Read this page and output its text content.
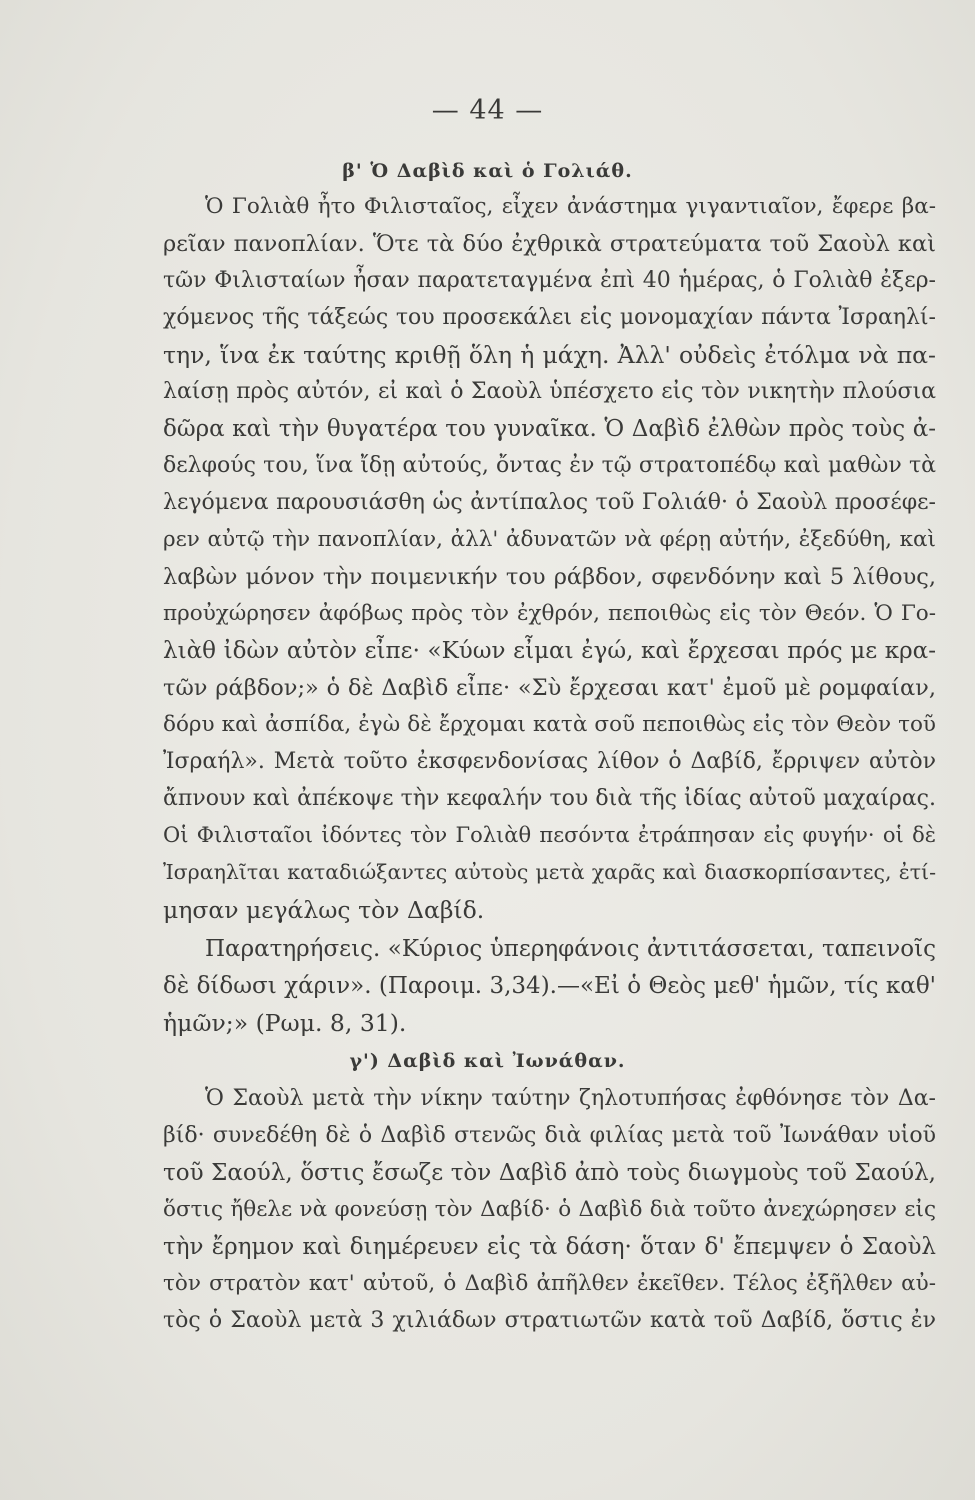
— 44 —
β' Ὁ Δαβὶδ καὶ ὁ Γολιάθ.
Ὁ Γολιὰθ ἦτο Φιλισταῖος, εἶχεν ἀνάστημα γιγαντιαῖον, ἔφερε βα-
ρεῖαν πανοπλίαν. Ὅτε τὰ δύο ἐχθρικὰ στρατεύματα τοῦ Σαοὺλ καὶ
τῶν Φιλισταίων ἦσαν παρατεταγμένα ἐπὶ 40 ἡμέρας, ὁ Γολιὰθ ἐξερ-
χόμενος τῆς τάξεώς του προσεκάλει εἰς μονομαχίαν πάντα Ἰσραηλί-
την, ἵνα ἐκ ταύτης κριθῇ ὅλη ἡ μάχη. Ἀλλ' οὐδεὶς ἐτόλμα νὰ πα-
λαίσῃ πρὸς αὐτόν, εἰ καὶ ὁ Σαοὺλ ὑπέσχετο εἰς τὸν νικητὴν πλούσια
δῶρα καὶ τὴν θυγατέρα του γυναῖκα. Ὁ Δαβὶδ ἐλθὼν πρὸς τοὺς ἀ-
δελφούς του, ἵνα ἴδῃ αὐτούς, ὄντας ἐν τῷ στρατοπέδῳ καὶ μαθὼν τὰ
λεγόμενα παρουσιάσθη ὡς ἀντίπαλος τοῦ Γολιάθ· ὁ Σαοὺλ προσέφε-
ρεν αὐτῷ τὴν πανοπλίαν, ἀλλ' ἀδυνατῶν νὰ φέρῃ αὐτήν, ἐξεδύθη, καὶ
λαβὼν μόνον τὴν ποιμενικήν του ράβδον, σφενδόνην καὶ 5 λίθους,
προὐχώρησεν ἀφόβως πρὸς τὸν ἐχθρόν, πεποιθὼς εἰς τὸν Θεόν. Ὁ Γο-
λιὰθ ἰδὼν αὐτὸν εἶπε· «Κύων εἶμαι ἐγώ, καὶ ἔρχεσαι πρός με κρα-
τῶν ράβδον;» ὁ δὲ Δαβὶδ εἶπε· «Σὺ ἔρχεσαι κατ' ἐμοῦ μὲ ρομφαίαν,
δόρυ καὶ ἀσπίδα, ἐγὼ δὲ ἔρχομαι κατὰ σοῦ πεποιθὼς εἰς τὸν Θεὸν τοῦ
Ἰσραήλ». Μετὰ τοῦτο ἐκσφενδονίσας λίθον ὁ Δαβίδ, ἔρριψεν αὐτὸν
ἄπνουν καὶ ἀπέκοψε τὴν κεφαλήν του διὰ τῆς ἰδίας αὐτοῦ μαχαίρας.
Οἱ Φιλισταῖοι ἰδόντες τὸν Γολιὰθ πεσόντα ἐτράπησαν εἰς φυγήν· οἱ δὲ
Ἰσραηλῖται καταδιώξαντες αὐτοὺς μετὰ χαρᾶς καὶ διασκορπίσαντες, ἐτί-
μησαν μεγάλως τὸν Δαβίδ.
Παρατηρήσεις. «Κύριος ὑπερηφάνοις ἀντιτάσσεται, ταπεινοῖς
δὲ δίδωσι χάριν». (Παροιμ. 3,34).—«Εἰ ὁ Θεὸς μεθ' ἡμῶν, τίς καθ'
ἡμῶν;» (Ρωμ. 8, 31).
γ') Δαβὶδ καὶ Ἰωνάθαν.
Ὁ Σαοὺλ μετὰ τὴν νίκην ταύτην ζηλοτυπήσας ἐφθόνησε τὸν Δα-
βίδ· συνεδέθη δὲ ὁ Δαβὶδ στενῶς διὰ φιλίας μετὰ τοῦ Ἰωνάθαν υἱοῦ
τοῦ Σαούλ, ὅστις ἔσωζε τὸν Δαβὶδ ἀπὸ τοὺς διωγμοὺς τοῦ Σαούλ,
ὅστις ἤθελε νὰ φονεύσῃ τὸν Δαβίδ· ὁ Δαβὶδ διὰ τοῦτο ἀνεχώρησεν εἰς
τὴν ἔρημον καὶ διημέρευεν εἰς τὰ δάση· ὅταν δ' ἔπεμψεν ὁ Σαοὺλ
τὸν στρατὸν κατ' αὐτοῦ, ὁ Δαβὶδ ἀπῆλθεν ἐκεῖθεν. Τέλος ἐξῆλθεν αὐ-
τὸς ὁ Σαοὺλ μετὰ 3 χιλιάδων στρατιωτῶν κατὰ τοῦ Δαβίδ, ὅστις ἐν
